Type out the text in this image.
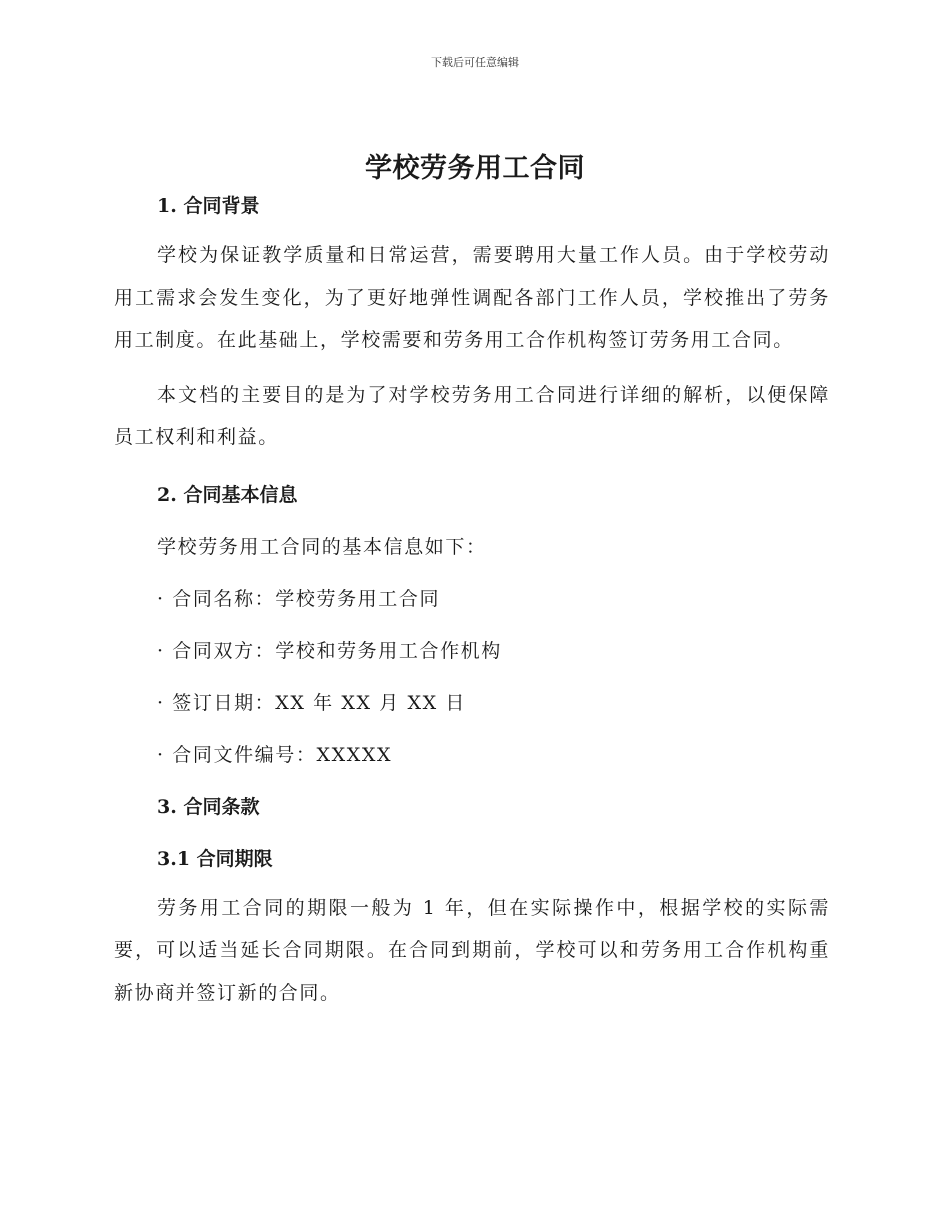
下载后可任意编辑
学校劳务用工合同

1. 合同背景

学校为保证教学质量和日常运营，需要聘用大量工作人员。由于学校劳动用工需求会发生变化，为了更好地弹性调配各部门工作人员，学校推出了劳务用工制度。在此基础上，学校需要和劳务用工合作机构签订劳务用工合同。

本文档的主要目的是为了对学校劳务用工合同进行详细的解析，以便保障员工权利和利益。

2. 合同基本信息

学校劳务用工合同的基本信息如下：

· 合同名称：学校劳务用工合同

· 合同双方：学校和劳务用工合作机构

· 签订日期：XX 年 XX 月 XX 日

· 合同文件编号：XXXXX

3. 合同条款

3.1 合同期限

劳务用工合同的期限一般为 1 年，但在实际操作中，根据学校的实际需要，可以适当延长合同期限。在合同到期前，学校可以和劳务用工合作机构重新协商并签订新的合同。
